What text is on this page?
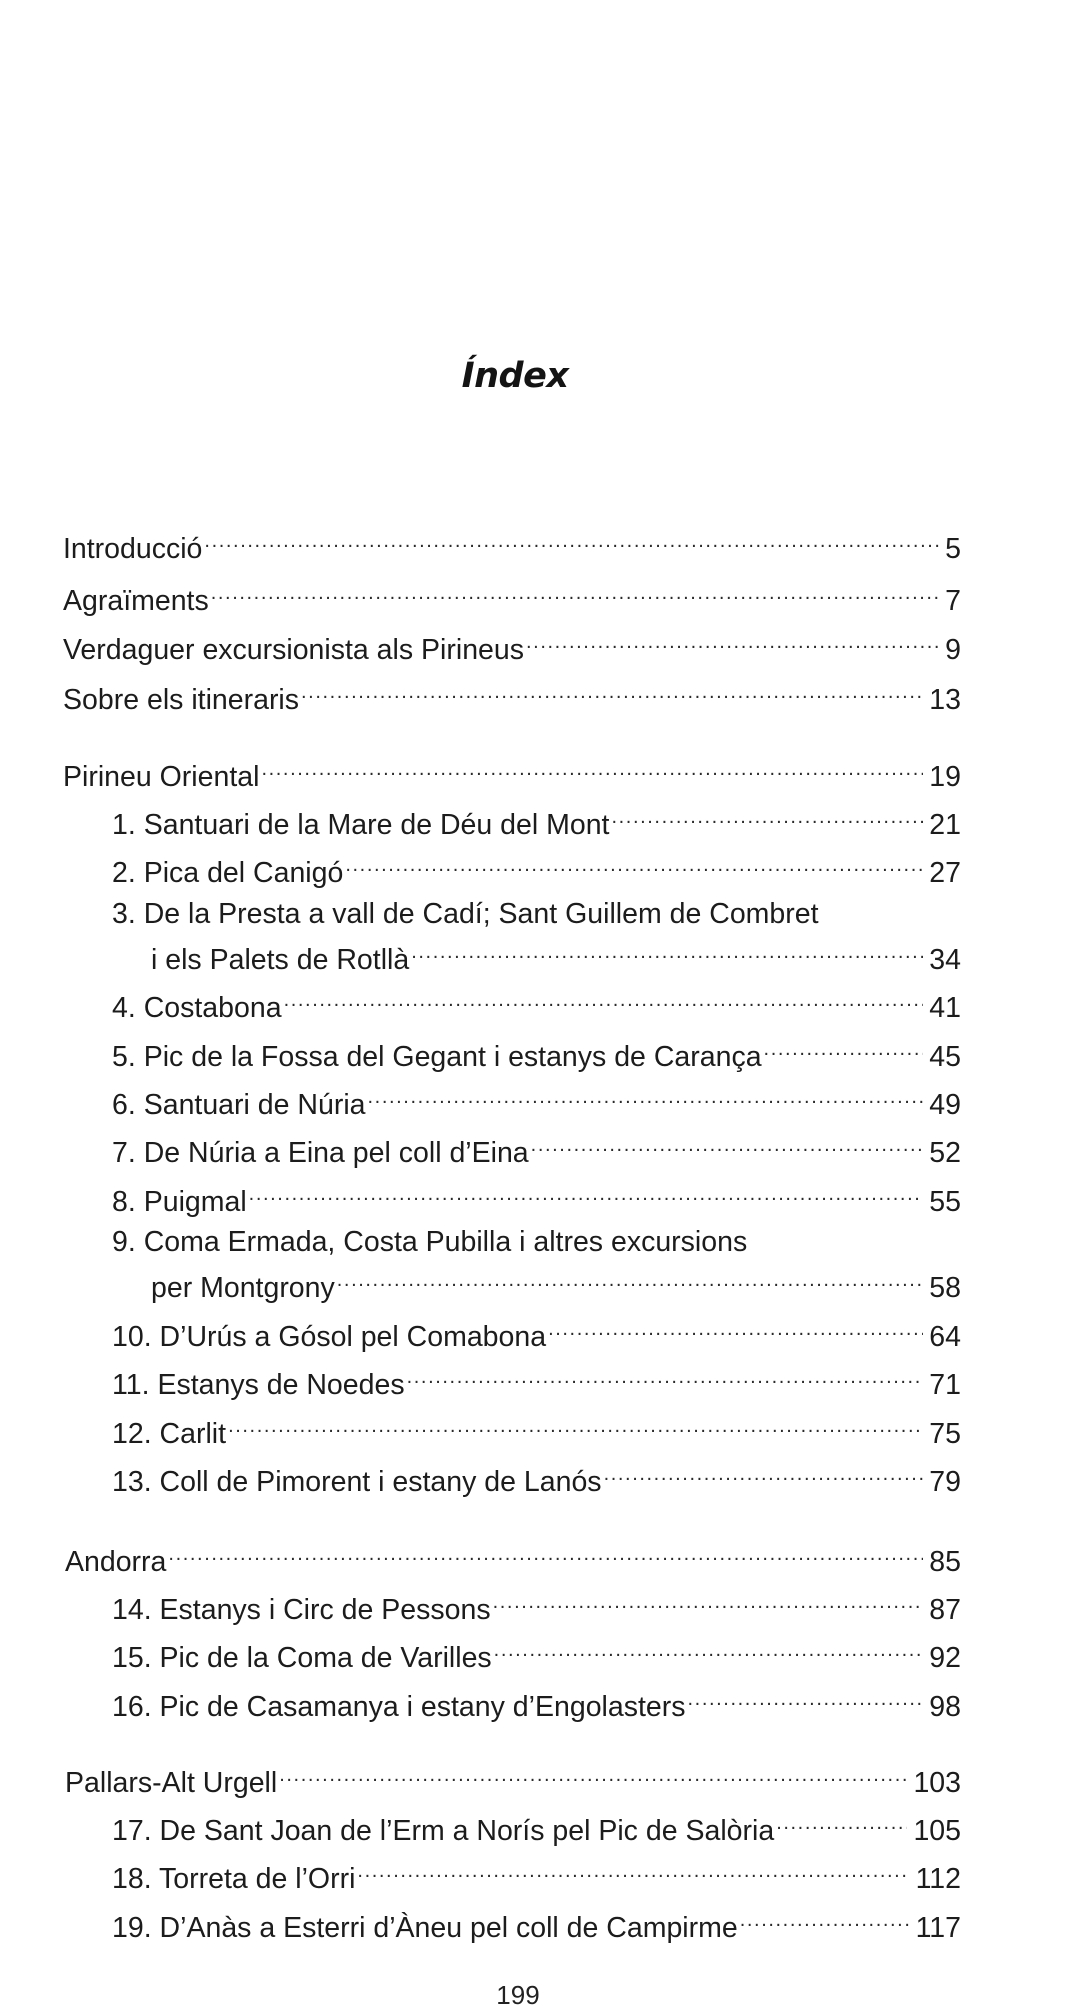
Índex
Introducció .....	5
Agraïments .....	7
Verdaguer excursionista als Pirineus .....	9
Sobre els itineraris .....	13
Pirineu Oriental .....	19
1. Santuari de la Mare de Déu del Mont .....	21
2. Pica del Canigó .....	27
3. De la Presta a vall de Cadí; Sant Guillem de Combret
i els Palets de Rotllà .....	34
4. Costabona .....	41
5. Pic de la Fossa del Gegant i estanys de Carança .....	45
6. Santuari de Núria .....	49
7. De Núria a Eina pel coll d’Eina .....	52
8. Puigmal .....	55
9. Coma Ermada, Costa Pubilla i altres excursions
per Montgrony .....	58
10. D’Urús a Gósol pel Comabona .....	64
11. Estanys de Noedes .....	71
12. Carlit .....	75
13. Coll de Pimorent i estany de Lanós .....	79
Andorra .....	85
14. Estanys i Circ de Pessons .....	87
15. Pic de la Coma de Varilles .....	92
16. Pic de Casamanya i estany d’Engolasters .....	98
Pallars-Alt Urgell .....	103
17. De Sant Joan de l’Erm a Norís pel Pic de Salòria .....	105
18. Torreta de l’Orri .....	112
19. D’Anàs a Esterri d’Àneu pel coll de Campirme .....	117
199
